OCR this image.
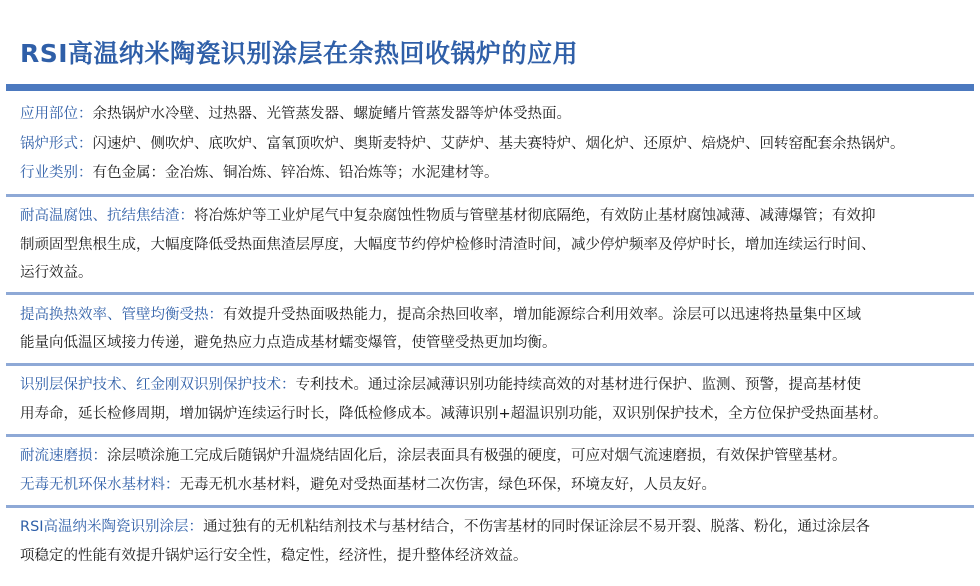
RSI高温纳米陶瓷识别涂层在余热回收锅炉的应用
应用部位：余热锅炉水冷壁、过热器、光管蒸发器、螺旋鳍片管蒸发器等炉体受热面。
锅炉形式：闪速炉、侧吹炉、底吹炉、富氧顶吹炉、奥斯麦特炉、艾萨炉、基夫赛特炉、烟化炉、还原炉、焙烧炉、回转窑配套余热锅炉。
行业类别：有色金属：金冶炼、铜冶炼、锌冶炼、铅冶炼等；水泥建材等。
耐高温腐蚀、抗结焦结渣：将冶炼炉等工业炉尾气中复杂腐蚀性物质与管壁基材彻底隔绝，有效防止基材腐蚀减薄、减薄爆管；有效抑
制顽固型焦根生成，大幅度降低受热面焦渣层厚度，大幅度节约停炉检修时清渣时间，减少停炉频率及停炉时长，增加连续运行时间、
运行效益。
提高换热效率、管壁均衡受热：有效提升受热面吸热能力，提高余热回收率，增加能源综合利用效率。涂层可以迅速将热量集中区域
能量向低温区域接力传递，避免热应力点造成基材蠕变爆管，使管壁受热更加均衡。
识别层保护技术、红金刚双识别保护技术：专利技术。通过涂层减薄识别功能持续高效的对基材进行保护、监测、预警，提高基材使
用寿命，延长检修周期，增加锅炉连续运行时长，降低检修成本。减薄识别+超温识别功能，双识别保护技术，全方位保护受热面基材。
耐流速磨损：涂层喷涂施工完成后随锅炉升温烧结固化后，涂层表面具有极强的硬度，可应对烟气流速磨损，有效保护管壁基材。
无毒无机环保水基材料：无毒无机水基材料，避免对受热面基材二次伤害，绿色环保，环境友好，人员友好。
RSI高温纳米陶瓷识别涂层：通过独有的无机粘结剂技术与基材结合，不伤害基材的同时保证涂层不易开裂、脱落、粉化，通过涂层各
项稳定的性能有效提升锅炉运行安全性，稳定性，经济性，提升整体经济效益。
